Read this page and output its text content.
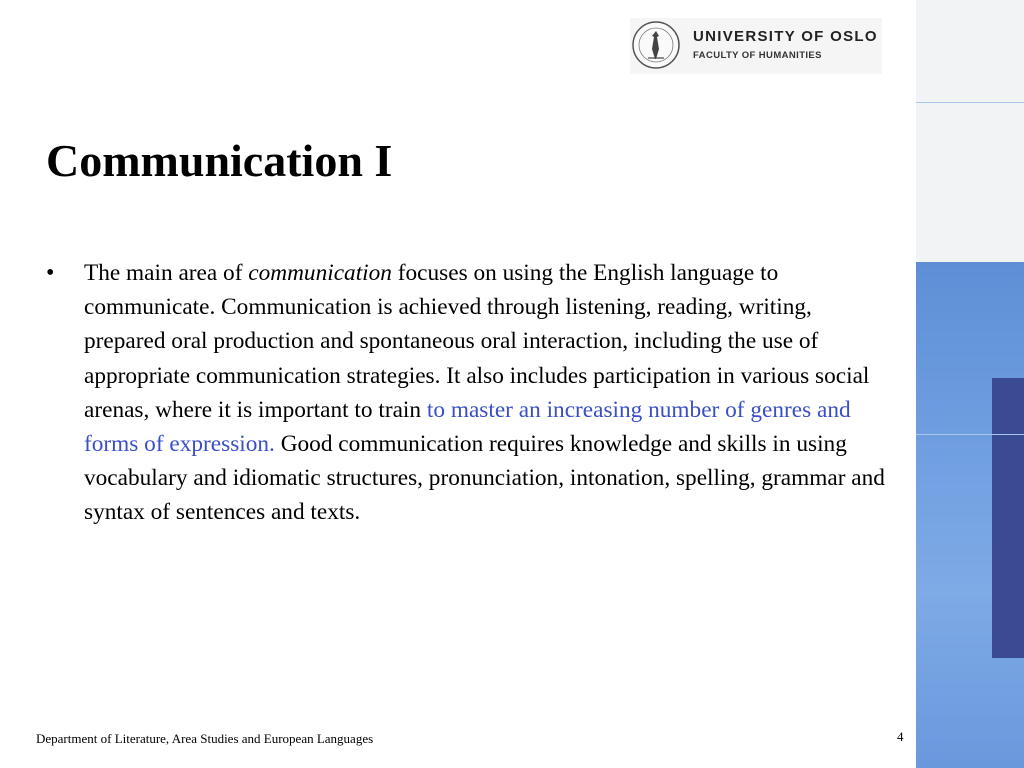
UNIVERSITY OF OSLO
FACULTY OF HUMANITIES
Communication I
• The main area of communication focuses on using the English language to communicate. Communication is achieved through listening, reading, writing, prepared oral production and spontaneous oral interaction, including the use of appropriate communication strategies. It also includes participation in various social arenas, where it is important to train to master an increasing number of genres and forms of expression. Good communication requires knowledge and skills in using vocabulary and idiomatic structures, pronunciation, intonation, spelling, grammar and syntax of sentences and texts.

Department of Literature, Area Studies and European Languages	4
